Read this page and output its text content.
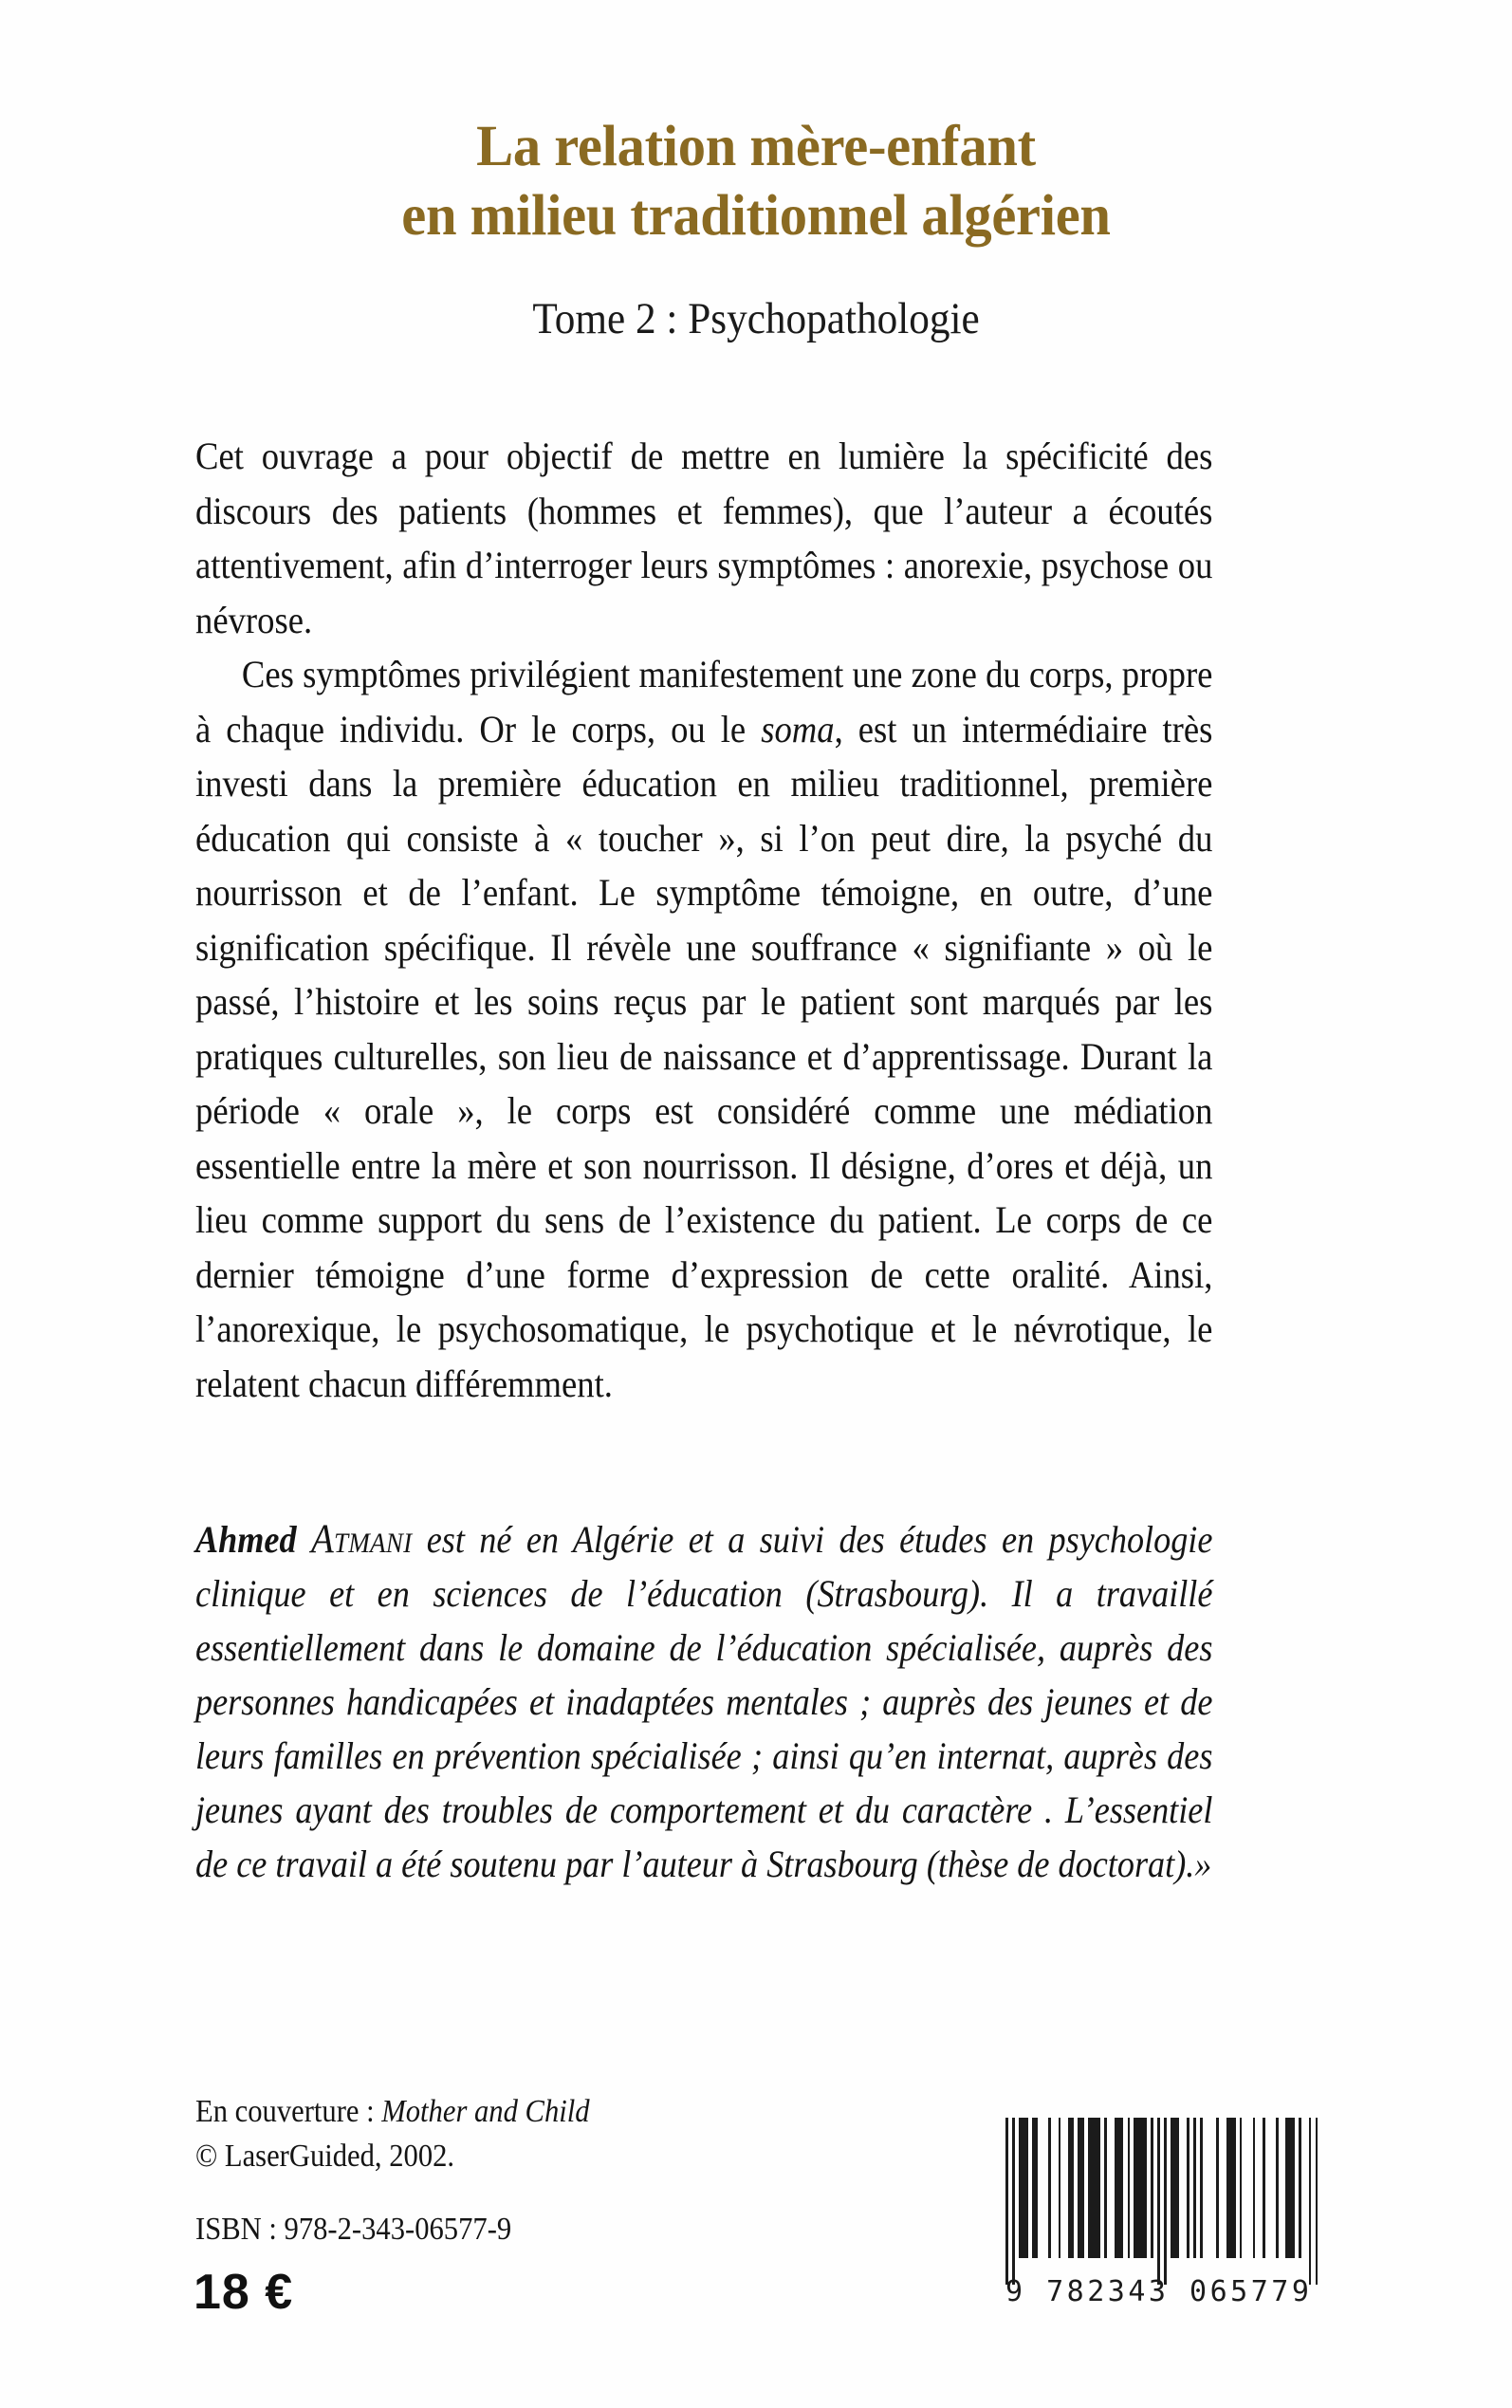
La relation mère-enfant
en milieu traditionnel algérien
Tome 2 : Psychopathologie

Cet ouvrage a pour objectif de mettre en lumière la spécificité des discours des patients (hommes et femmes), que l’auteur a écoutés attentivement, afin d’interroger leurs symptômes : anorexie, psychose ou névrose.

Ces symptômes privilégient manifestement une zone du corps, propre à chaque individu. Or le corps, ou le soma, est un intermédiaire très investi dans la première éducation en milieu traditionnel, première éducation qui consiste à « toucher », si l’on peut dire, la psyché du nourrisson et de l’enfant. Le symptôme témoigne, en outre, d’une signification spécifique. Il révèle une souffrance « signifiante » où le passé, l’histoire et les soins reçus par le patient sont marqués par les pratiques culturelles, son lieu de naissance et d’apprentissage. Durant la période « orale », le corps est considéré comme une médiation essentielle entre la mère et son nourrisson. Il désigne, d’ores et déjà, un lieu comme support du sens de l’existence du patient. Le corps de ce dernier témoigne d’une forme d’expression de cette oralité. Ainsi, l’anorexique, le psychosomatique, le psychotique et le névrotique, le relatent chacun différemment.

Ahmed Atmani est né en Algérie et a suivi des études en psychologie clinique et en sciences de l’éducation (Strasbourg). Il a travaillé essentiellement dans le domaine de l’éducation spécialisée, auprès des personnes handicapées et inadaptées mentales ; auprès des jeunes et de leurs familles en prévention spécialisée ; ainsi qu’en internat, auprès des jeunes ayant des troubles de comportement et du caractère . L’essentiel de ce travail a été soutenu par l’auteur à Strasbourg (thèse de doctorat).»
En couverture : Mother and Child
© LaserGuided, 2002.
ISBN : 978-2-343-06577-9
18 €	9 782343 065779
